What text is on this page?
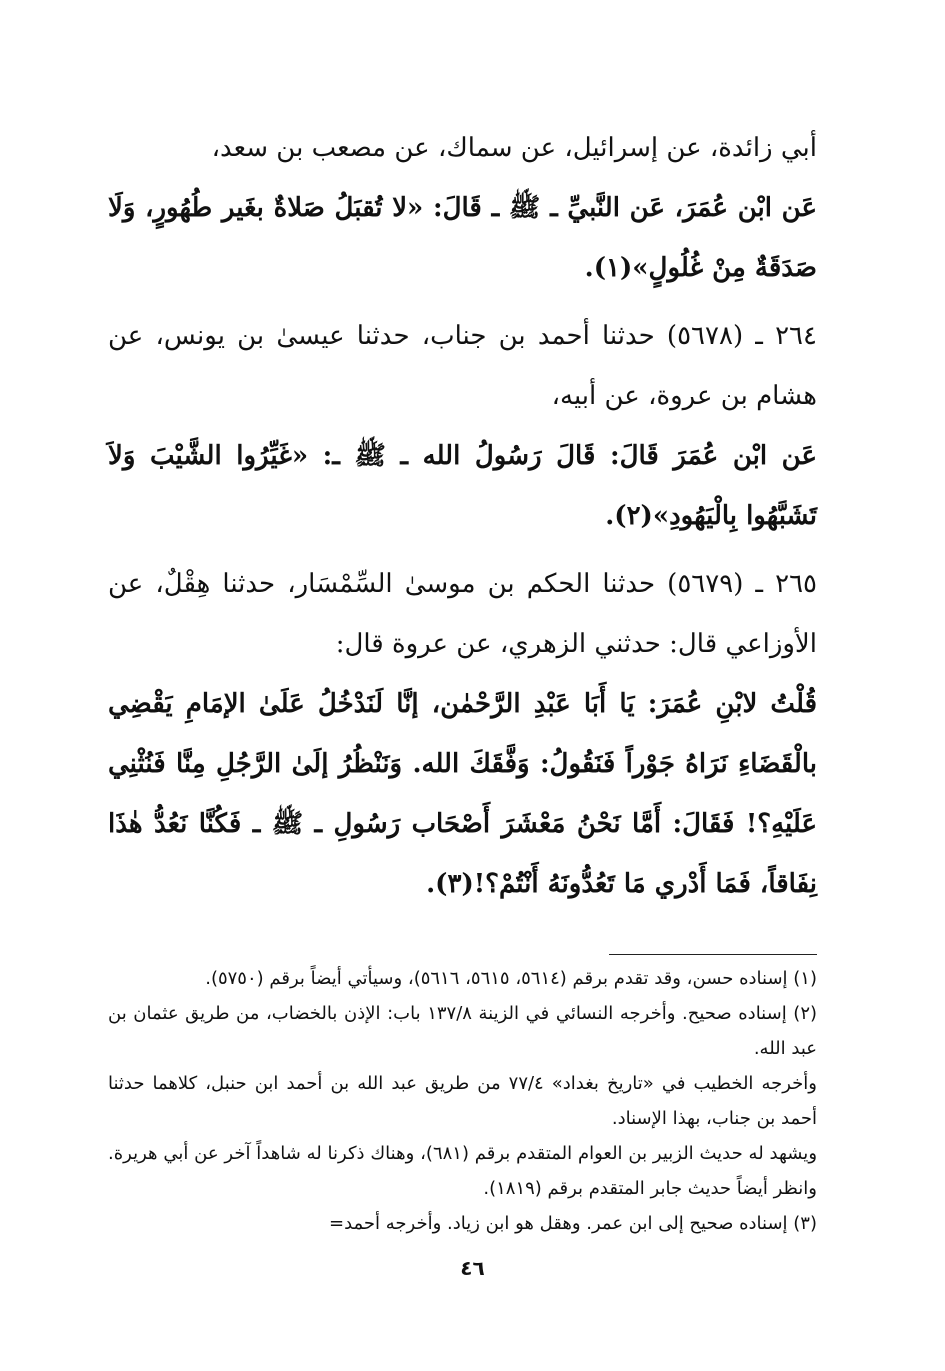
أبي زائدة، عن إسرائيل، عن سماك، عن مصعب بن سعد،

عَن ابْن عُمَرَ، عَن النَّبيِّ ـ ﷺ ـ قَالَ: «لا تُقبَلُ صَلاةٌ بغَير طُهُورٍ، وَلَا صَدَقَةٌ مِنْ غُلُولٍ»(١).

٢٦٤ ـ (٥٦٧٨) حدثنا أحمد بن جناب، حدثنا عيسىٰ بن يونس، عن هشام بن عروة، عن أبيه،

عَن ابْن عُمَرَ قَالَ: قَالَ رَسُولُ الله ـ ﷺ ـ: «غَيِّرُوا الشَّيْبَ وَلاَ تَشَبَّهُوا بِالْيَهُودِ»(٢).

٢٦٥ ـ (٥٦٧٩) حدثنا الحكم بن موسىٰ السِّمْسَار، حدثنا هِقْلٌ، عن الأوزاعي قال: حدثني الزهري، عن عروة قال:

قُلْتُ لابْنِ عُمَرَ: يَا أَبَا عَبْدِ الرَّحْمٰن، إنَّا لَنَدْخُلُ عَلَىٰ الإمَامِ يَقْضِي بالْقَضَاءِ نَرَاهُ جَوْراً فَنَقُولُ: وَفَّقَكَ الله. وَنَنْظُرُ إلَىٰ الرَّجُلِ مِنَّا فَنُثْنِي عَلَيْهِ؟! فَقَالَ: أَمَّا نَحْنُ مَعْشَرَ أَصْحَاب رَسُولِ ـ ﷺ ـ فَكُنَّا نَعُدُّ هٰذَا نِفَاقاً، فَمَا أَدْري مَا تَعُدُّونَهُ أَنْتُمْ؟!(٣).

(١) إسناده حسن، وقد تقدم برقم (٥٦١٤، ٥٦١٥، ٥٦١٦)، وسيأتي أيضاً برقم (٥٧٥٠).

(٢) إسناده صحيح. وأخرجه النسائي في الزينة ١٣٧/٨ باب: الإذن بالخضاب، من طريق عثمان بن عبد الله.

وأخرجه الخطيب في «تاريخ بغداد» ٧٧/٤ من طريق عبد الله بن أحمد ابن حنبل، كلاهما حدثنا أحمد بن جناب، بهذا الإسناد.

ويشهد له حديث الزبير بن العوام المتقدم برقم (٦٨١)، وهناك ذكرنا له شاهداً آخر عن أبي هريرة. وانظر أيضاً حديث جابر المتقدم برقم (١٨١٩).

(٣) إسناده صحيح إلى ابن عمر. وهقل هو ابن زياد. وأخرجه أحمد=

٤٦
